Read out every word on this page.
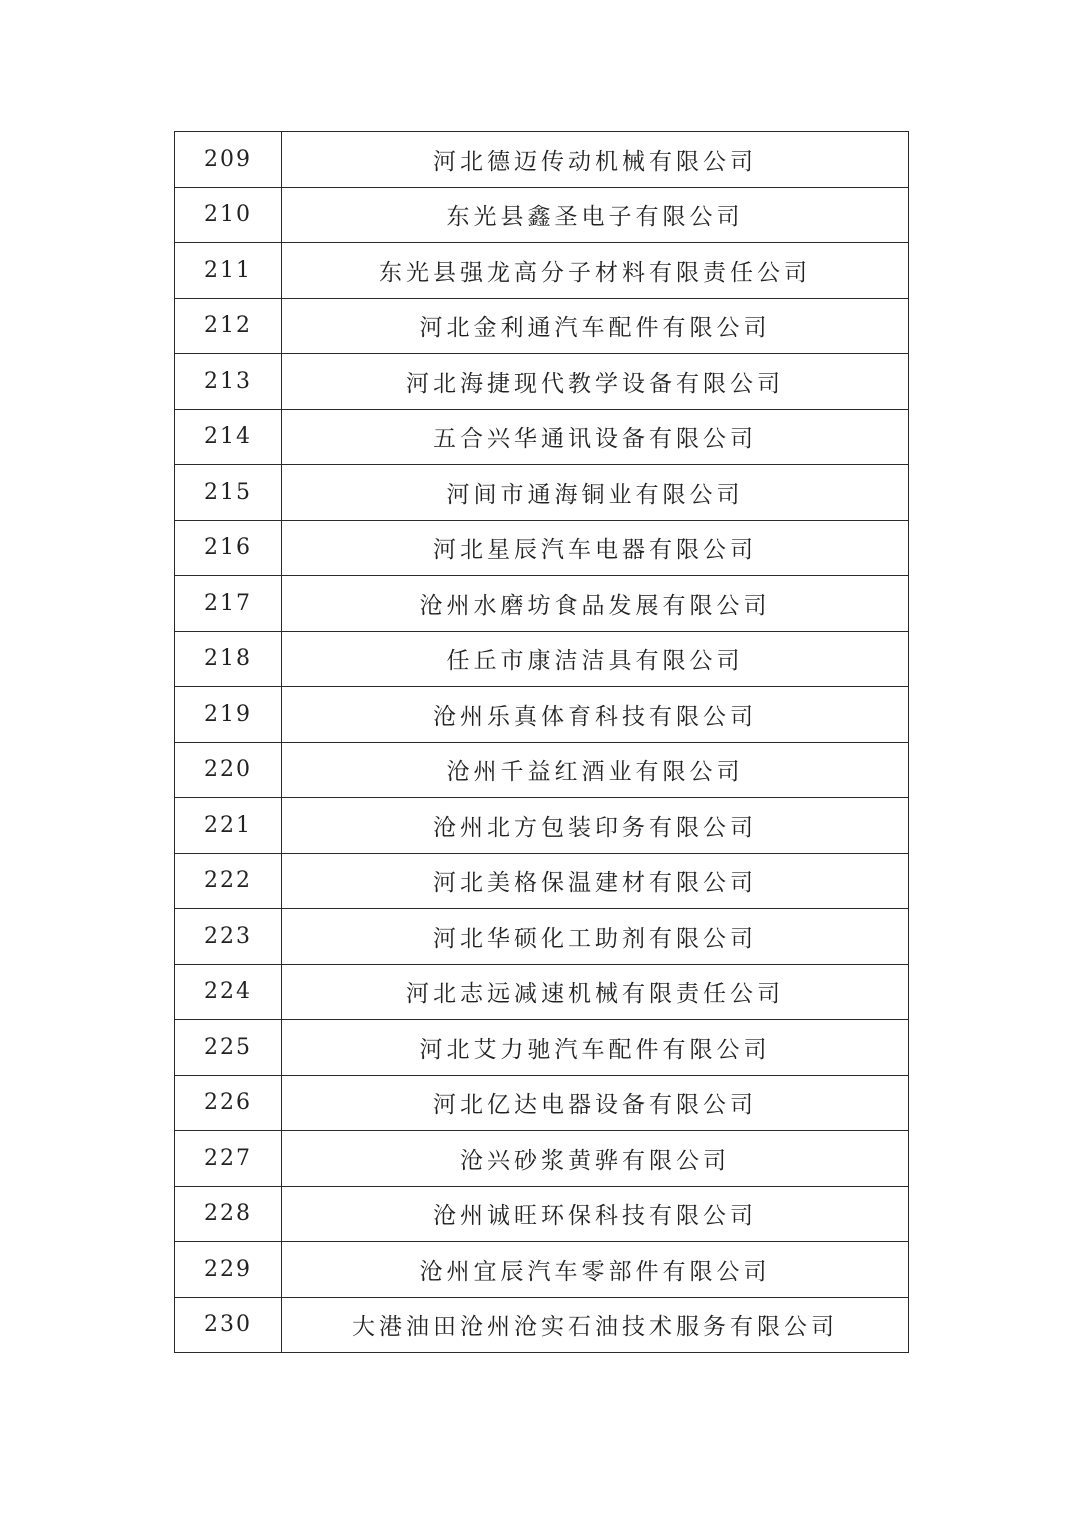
209	河北德迈传动机械有限公司
210	东光县鑫圣电子有限公司
211	东光县强龙高分子材料有限责任公司
212	河北金利通汽车配件有限公司
213	河北海捷现代教学设备有限公司
214	五合兴华通讯设备有限公司
215	河间市通海铜业有限公司
216	河北星辰汽车电器有限公司
217	沧州水磨坊食品发展有限公司
218	任丘市康洁洁具有限公司
219	沧州乐真体育科技有限公司
220	沧州千益红酒业有限公司
221	沧州北方包装印务有限公司
222	河北美格保温建材有限公司
223	河北华硕化工助剂有限公司
224	河北志远减速机械有限责任公司
225	河北艾力驰汽车配件有限公司
226	河北亿达电器设备有限公司
227	沧兴砂浆黄骅有限公司
228	沧州诚旺环保科技有限公司
229	沧州宜辰汽车零部件有限公司
230	大港油田沧州沧实石油技术服务有限公司
